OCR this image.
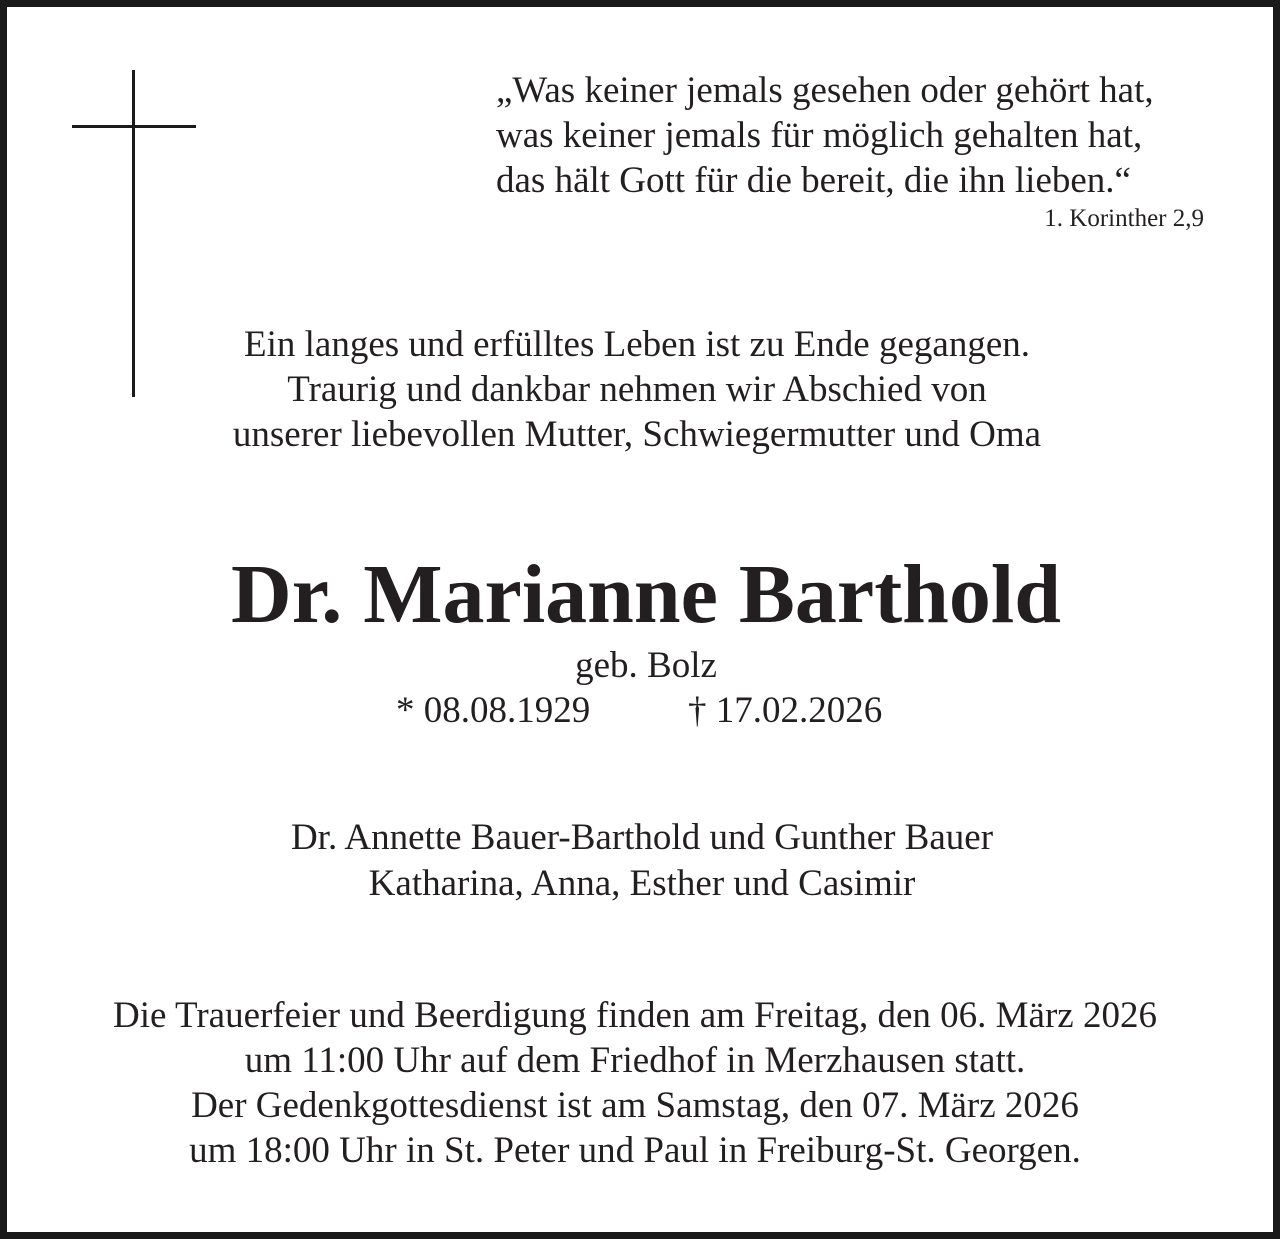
„Was keiner jemals gesehen oder gehört hat,
was keiner jemals für möglich gehalten hat,
das hält Gott für die bereit, die ihn lieben.“
1. Korinther 2,9
Ein langes und erfülltes Leben ist zu Ende gegangen.
Traurig und dankbar nehmen wir Abschied von
unserer liebevollen Mutter, Schwiegermutter und Oma
Dr. Marianne Barthold
geb. Bolz
* 08.08.1929	† 17.02.2026
Dr. Annette Bauer-Barthold und Gunther Bauer
Katharina, Anna, Esther und Casimir
Die Trauerfeier und Beerdigung finden am Freitag, den 06. März 2026
um 11:00 Uhr auf dem Friedhof in Merzhausen statt.
Der Gedenkgottesdienst ist am Samstag, den 07. März 2026
um 18:00 Uhr in St. Peter und Paul in Freiburg-St. Georgen.
